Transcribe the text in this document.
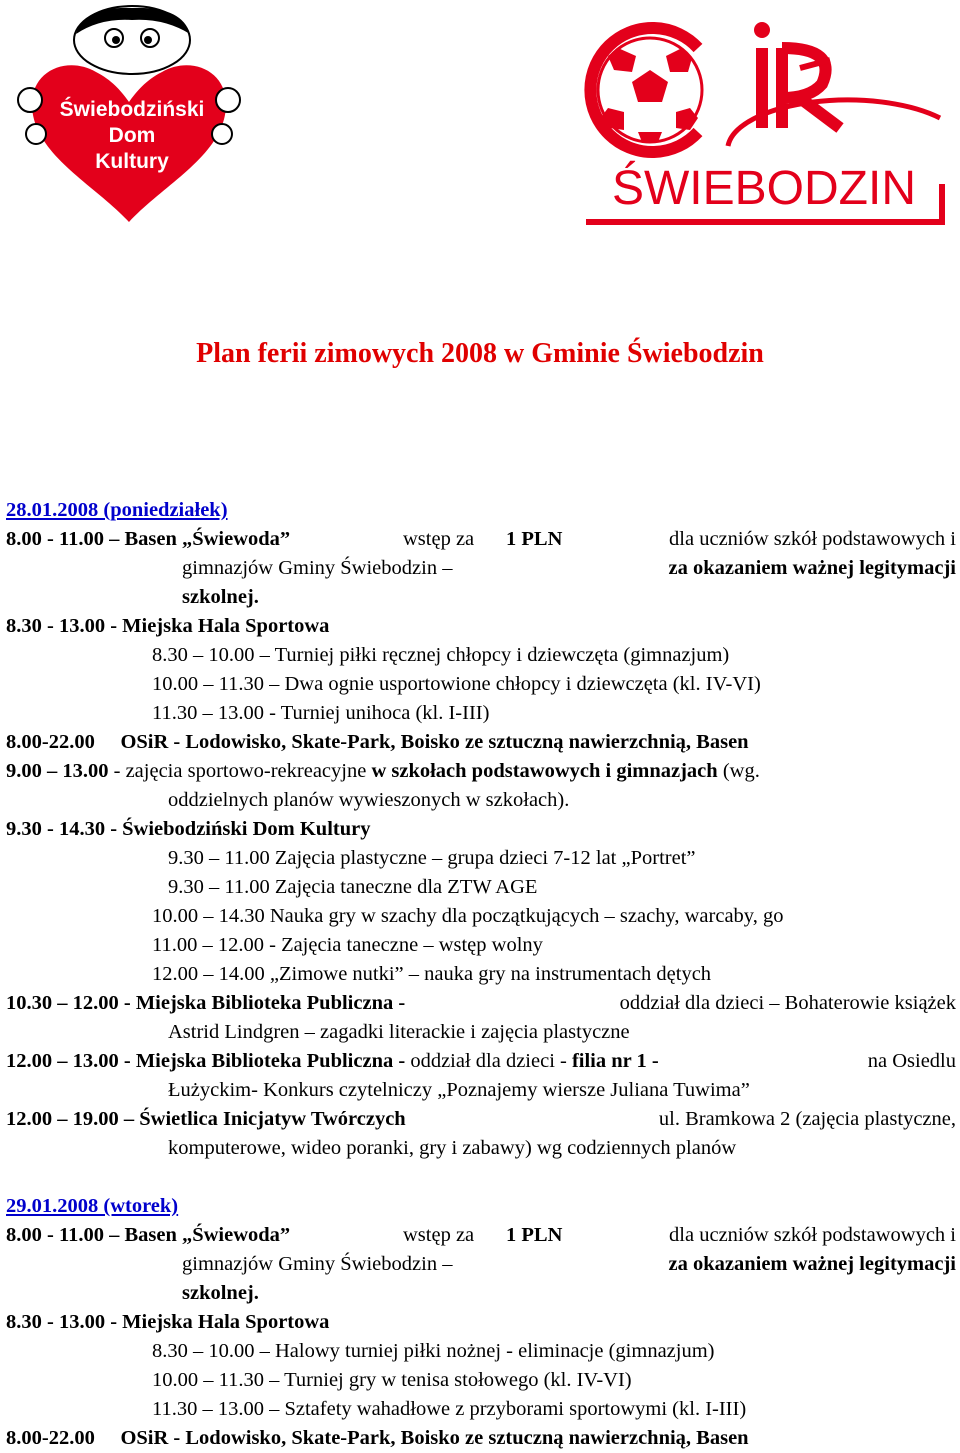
Świebodziński
Dom
Kultury
ŚWIEBODZIN
Plan ferii zimowych 2008 w Gminie Świebodzin
28.01.2008 (poniedziałek)
8.00 - 11.00 – Basen „Świewoda”	wstęp za 1 PLN	dla uczniów szkół podstawowych i
gimnazjów Gminy Świebodzin –	za okazaniem ważnej legitymacji
szkolnej.
8.30 - 13.00 - Miejska Hala Sportowa
8.30 – 10.00 – Turniej piłki ręcznej chłopcy i dziewczęta (gimnazjum)
10.00 – 11.30 – Dwa ognie usportowione chłopcy i dziewczęta (kl. IV-VI)
11.30 – 13.00 - Turniej unihoca (kl. I-III)
8.00-22.00     OSiR - Lodowisko, Skate-Park, Boisko ze sztuczną nawierzchnią, Basen
9.00 – 13.00 - zajęcia sportowo-rekreacyjne w szkołach podstawowych i gimnazjach (wg.
oddzielnych planów wywieszonych w szkołach).
9.30 - 14.30 - Świebodziński Dom Kultury
9.30 – 11.00 Zajęcia plastyczne – grupa dzieci 7-12 lat „Portret”
9.30 – 11.00 Zajęcia taneczne dla ZTW AGE
10.00 – 14.30 Nauka gry w szachy dla początkujących – szachy, warcaby, go
11.00 – 12.00 - Zajęcia taneczne – wstęp wolny
12.00 – 14.00 „Zimowe nutki” – nauka gry na instrumentach dętych
10.30 – 12.00 - Miejska Biblioteka Publiczna -	oddział dla dzieci – Bohaterowie książek
Astrid Lindgren – zagadki literackie i zajęcia plastyczne
12.00 – 13.00 - Miejska Biblioteka Publiczna - oddział dla dzieci - filia nr 1 -	na Osiedlu
Łużyckim- Konkurs czytelniczy „Poznajemy wiersze Juliana Tuwima”
12.00 – 19.00 – Świetlica Inicjatyw Twórczych	ul. Bramkowa 2 (zajęcia plastyczne,
komputerowe, wideo poranki, gry i zabawy) wg codziennych planów
29.01.2008 (wtorek)
8.00 - 11.00 – Basen „Świewoda”	wstęp za 1 PLN	dla uczniów szkół podstawowych i
gimnazjów Gminy Świebodzin –	za okazaniem ważnej legitymacji
szkolnej.
8.30 - 13.00 - Miejska Hala Sportowa
8.30 – 10.00 – Halowy turniej piłki nożnej - eliminacje (gimnazjum)
10.00 – 11.30 – Turniej gry w tenisa stołowego (kl. IV-VI)
11.30 – 13.00 – Sztafety wahadłowe z przyborami sportowymi (kl. I-III)
8.00-22.00     OSiR - Lodowisko, Skate-Park, Boisko ze sztuczną nawierzchnią, Basen
